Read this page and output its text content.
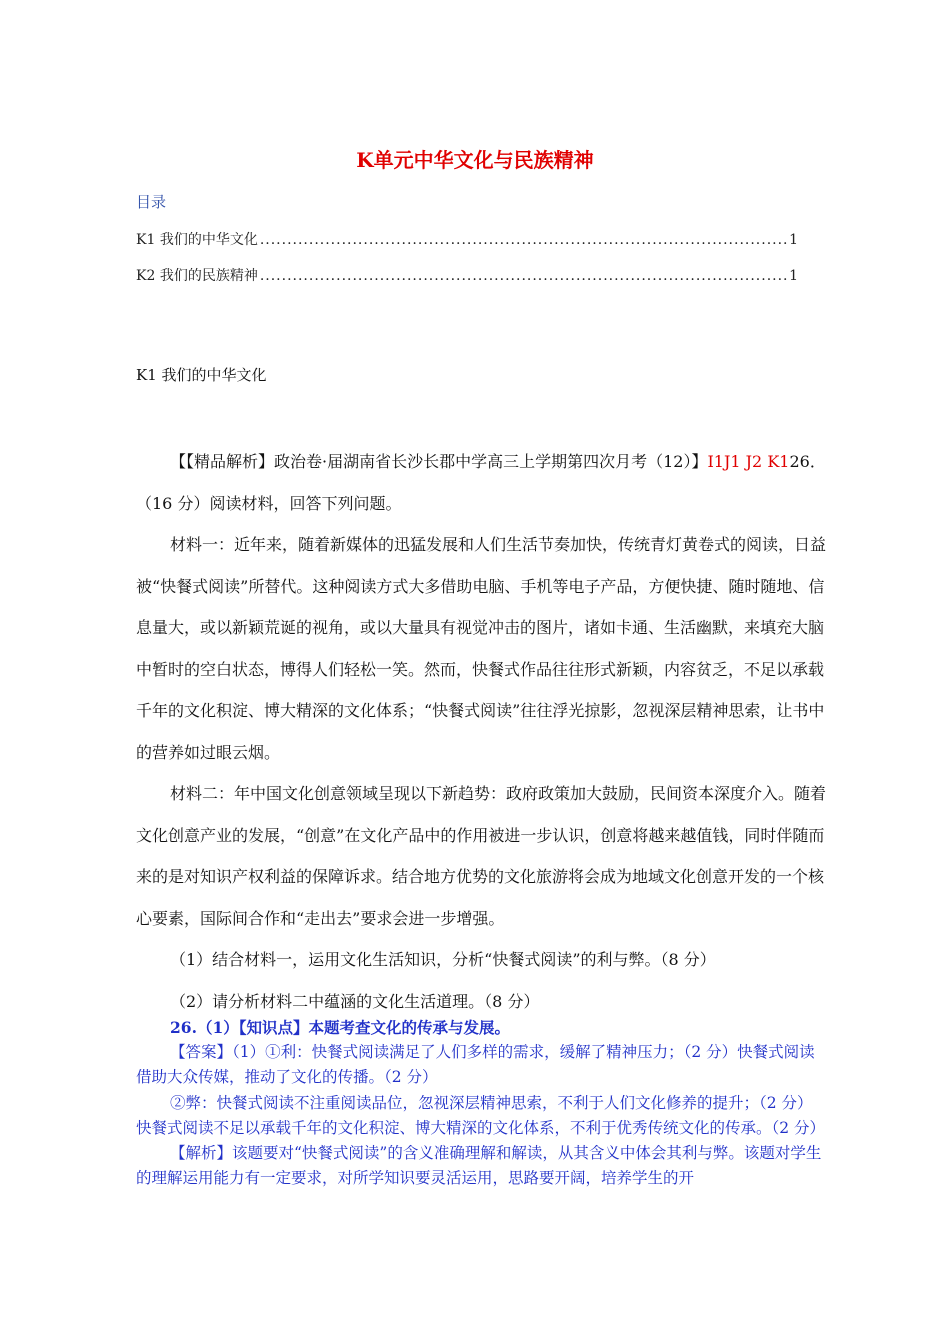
K单元中华文化与民族精神
目录
K1 我们的中华文化 .....	1
K2 我们的民族精神 .....	1
K1 我们的中华文化

【【精品解析】政治卷·届湖南省长沙长郡中学高三上学期第四次月考（12）】I1J1 J2 K126．（16 分）阅读材料，回答下列问题。

材料一：近年来，随着新媒体的迅猛发展和人们生活节奏加快，传统青灯黄卷式的阅读，日益被“快餐式阅读”所替代。这种阅读方式大多借助电脑、手机等电子产品，方便快捷、随时随地、信息量大，或以新颖荒诞的视角，或以大量具有视觉冲击的图片，诸如卡通、生活幽默，来填充大脑中暂时的空白状态，博得人们轻松一笑。然而，快餐式作品往往形式新颖，内容贫乏，不足以承载千年的文化积淀、博大精深的文化体系；“快餐式阅读”往往浮光掠影，忽视深层精神思索，让书中的营养如过眼云烟。

材料二：年中国文化创意领域呈现以下新趋势：政府政策加大鼓励，民间资本深度介入。随着文化创意产业的发展，“创意”在文化产品中的作用被进一步认识，创意将越来越值钱，同时伴随而来的是对知识产权利益的保障诉求。结合地方优势的文化旅游将会成为地域文化创意开发的一个核心要素，国际间合作和“走出去”要求会进一步增强。

（1）结合材料一，运用文化生活知识，分析“快餐式阅读”的利与弊。（8 分）

（2）请分析材料二中蕴涵的文化生活道理。（8 分）

26.（1）【知识点】本题考查文化的传承与发展。

【答案】（1）①利：快餐式阅读满足了人们多样的需求，缓解了精神压力；（2 分）快餐式阅读借助大众传媒，推动了文化的传播。（2 分）

②弊：快餐式阅读不注重阅读品位，忽视深层精神思索，不利于人们文化修养的提升；（2 分）快餐式阅读不足以承载千年的文化积淀、博大精深的文化体系，不利于优秀传统文化的传承。（2 分）

【解析】该题要对“快餐式阅读”的含义准确理解和解读，从其含义中体会其利与弊。该题对学生的理解运用能力有一定要求，对所学知识要灵活运用，思路要开阔，培养学生的开
